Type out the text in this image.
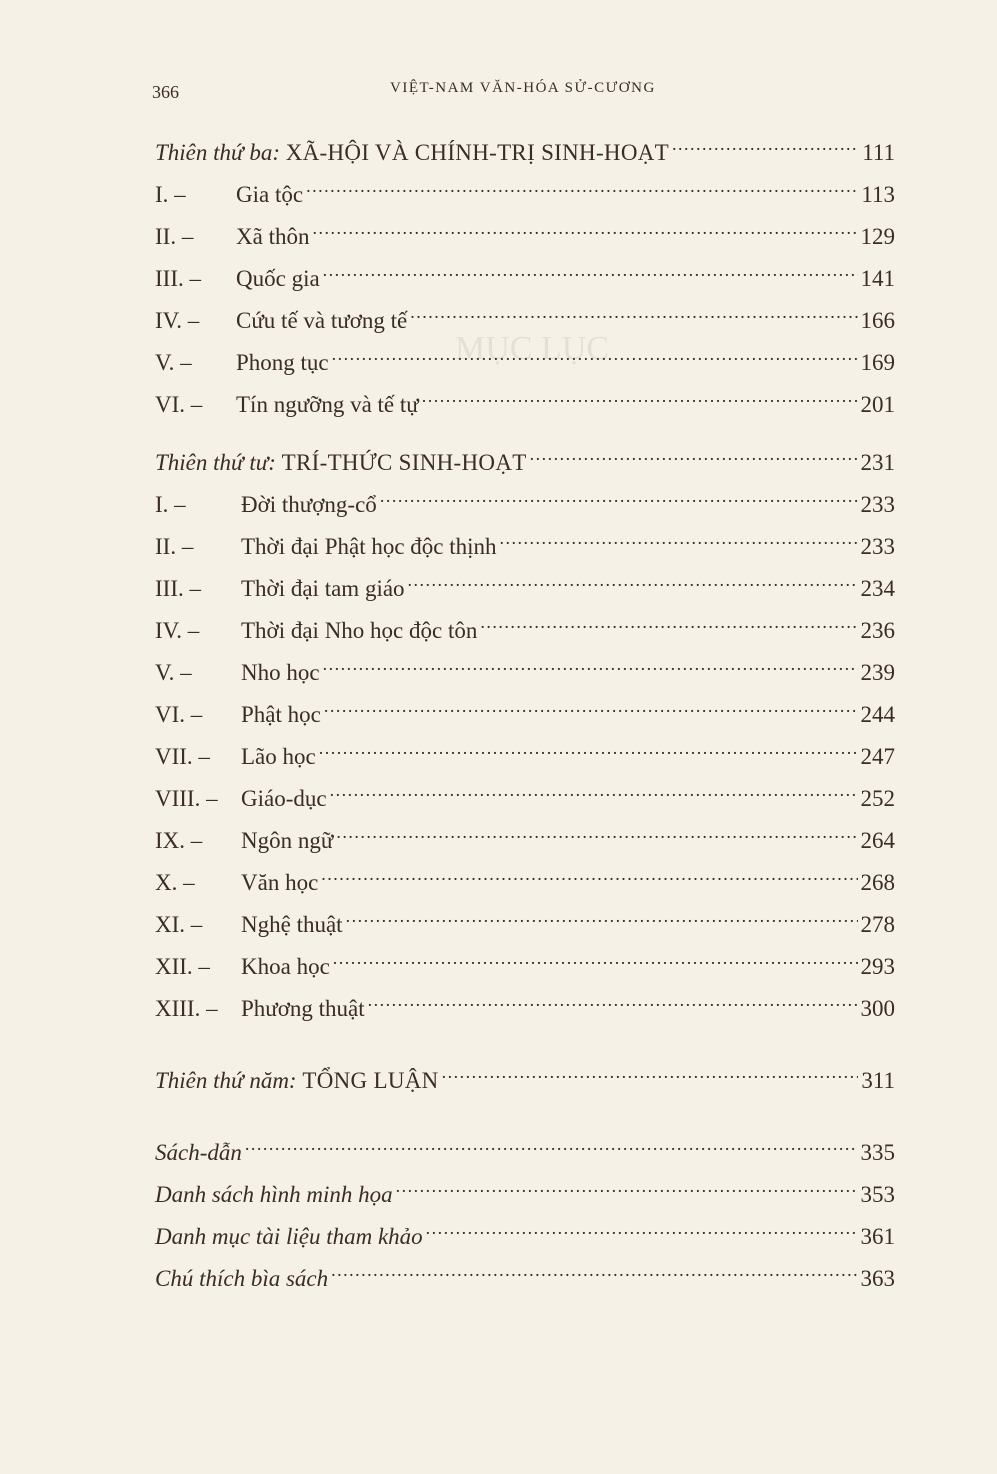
MỤC LỤC
366	VIỆT-NAM VĂN-HÓA SỬ-CƯƠNG
Thiên thứ ba: XÃ-HỘI VÀ CHÍNH-TRỊ SINH-HOẠT .....	111
I. –	Gia tộc .....	113
II. –	Xã thôn .....	129
III. –	Quốc gia .....	141
IV. –	Cứu tế và tương tế .....	166
V. –	Phong tục .....	169
VI. –	Tín ngưỡng và tế tự .....	201
Thiên thứ tư: TRÍ-THỨC SINH-HOẠT .....	231
I. –	Đời thượng-cổ .....	233
II. –	Thời đại Phật học độc thịnh .....	233
III. –	Thời đại tam giáo .....	234
IV. –	Thời đại Nho học độc tôn .....	236
V. –	Nho học .....	239
VI. –	Phật học .....	244
VII. –	Lão học .....	247
VIII. –	Giáo-dục .....	252
IX. –	Ngôn ngữ .....	264
X. –	Văn học .....	268
XI. –	Nghệ thuật .....	278
XII. –	Khoa học .....	293
XIII. –	Phương thuật .....	300
Thiên thứ năm: TỔNG LUẬN .....	311
Sách-dẫn .....	335
Danh sách hình minh họa .....	353
Danh mục tài liệu tham khảo .....	361
Chú thích bìa sách .....	363
